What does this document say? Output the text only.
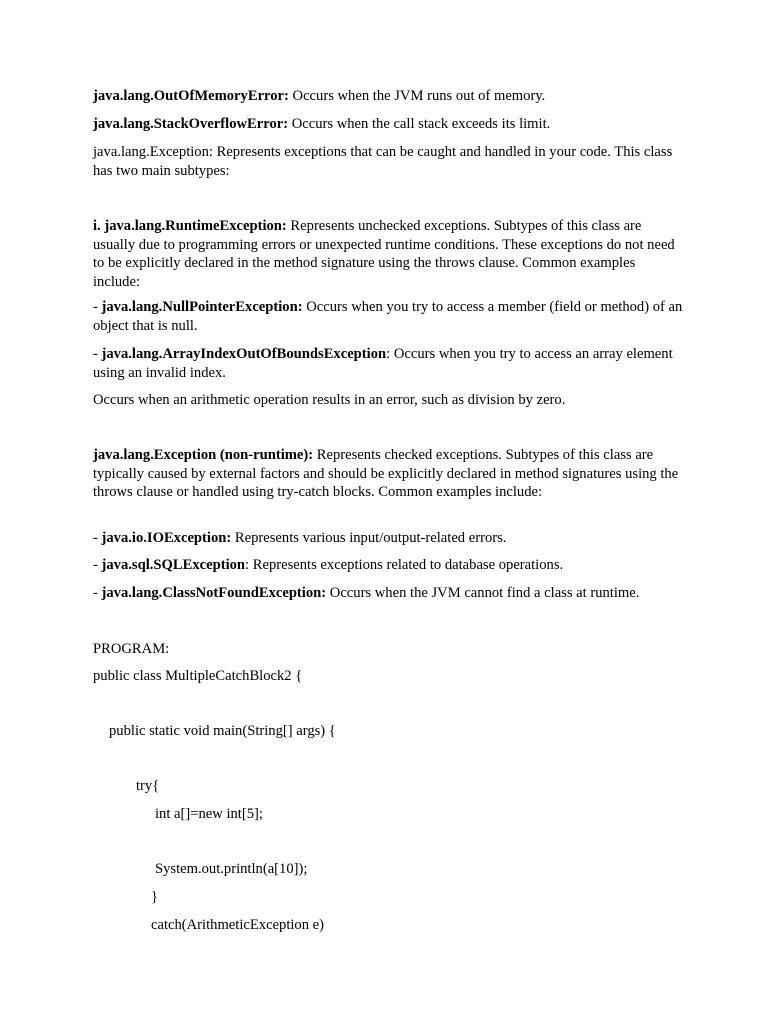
java.lang.OutOfMemoryError: Occurs when the JVM runs out of memory.

java.lang.StackOverflowError: Occurs when the call stack exceeds its limit.

java.lang.Exception: Represents exceptions that can be caught and handled in your code. This class has two main subtypes:

i. java.lang.RuntimeException: Represents unchecked exceptions. Subtypes of this class are usually due to programming errors or unexpected runtime conditions. These exceptions do not need to be explicitly declared in the method signature using the throws clause. Common examples include:

- java.lang.NullPointerException: Occurs when you try to access a member (field or method) of an object that is null.

- java.lang.ArrayIndexOutOfBoundsException: Occurs when you try to access an array element using an invalid index.

Occurs when an arithmetic operation results in an error, such as division by zero.

java.lang.Exception (non-runtime): Represents checked exceptions. Subtypes of this class are typically caused by external factors and should be explicitly declared in method signatures using the throws clause or handled using try-catch blocks. Common examples include:

- java.io.IOException: Represents various input/output-related errors.

- java.sql.SQLException: Represents exceptions related to database operations.

- java.lang.ClassNotFoundException: Occurs when the JVM cannot find a class at runtime.

PROGRAM:

public class MultipleCatchBlock2 {

public static void main(String[] args) {

try{

int a[]=new int[5];

System.out.println(a[10]);

}

catch(ArithmeticException e)
